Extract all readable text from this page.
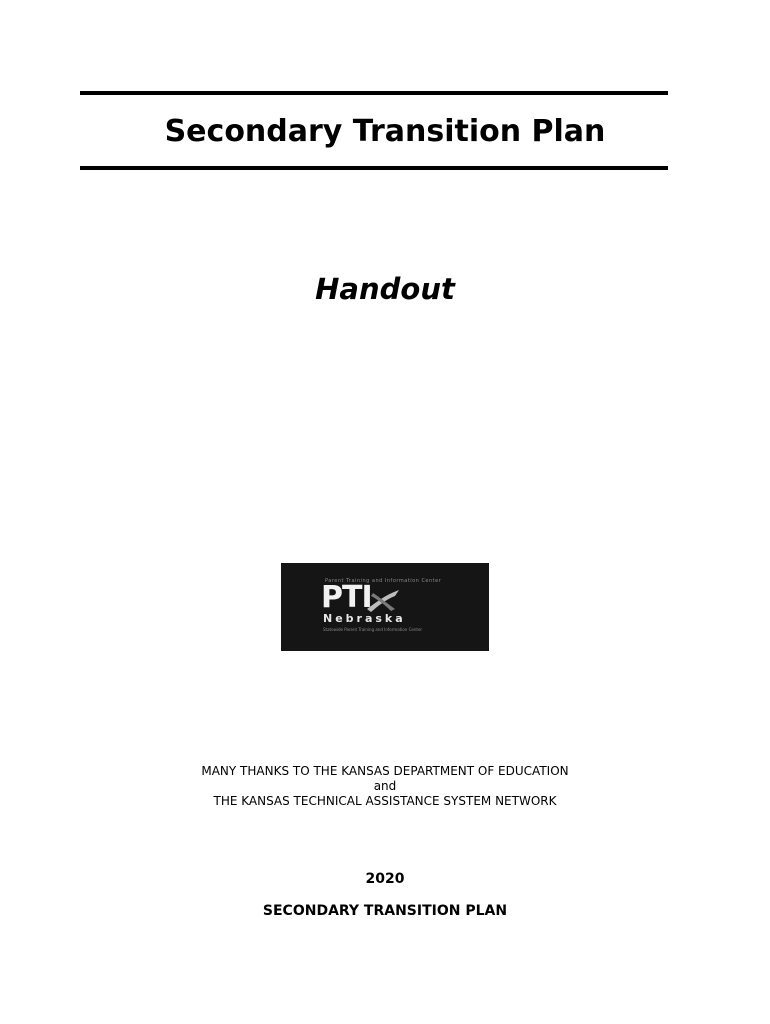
Secondary Transition Plan
Handout
Parent Training and Information Center
PTI
Nebraska
Statewide Parent Training and Information Center
MANY THANKS TO THE KANSAS DEPARTMENT OF EDUCATION
and
THE KANSAS TECHNICAL ASSISTANCE SYSTEM NETWORK
2020
SECONDARY TRANSITION PLAN
